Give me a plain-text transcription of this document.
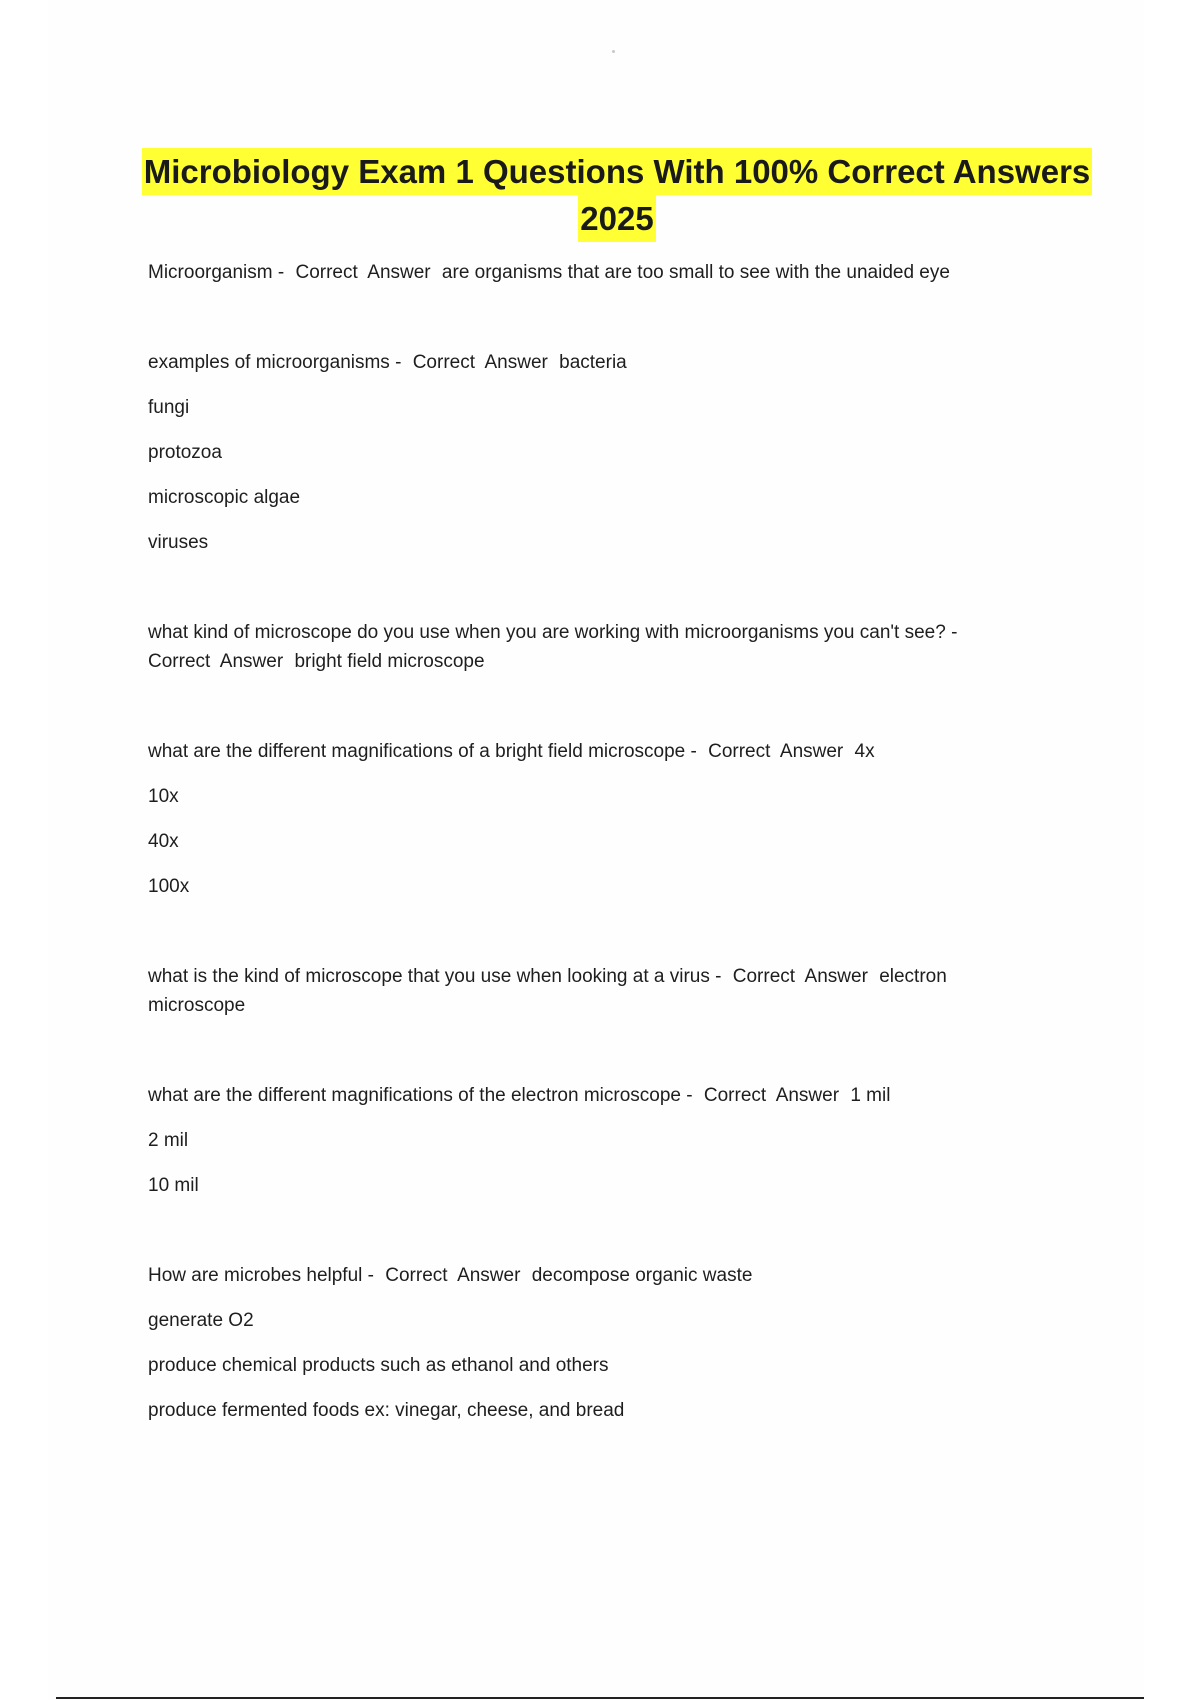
Microbiology Exam 1 Questions With 100% Correct Answers
2025

Microorganism - Correct  Answer are organisms that are too small to see with the unaided eye

examples of microorganisms - Correct  Answer bacteria

fungi

protozoa

microscopic algae

viruses

what kind of microscope do you use when you are working with microorganisms you can't see? -
Correct  Answer bright field microscope

what are the different magnifications of a bright field microscope - Correct  Answer 4x

10x

40x

100x

what is the kind of microscope that you use when looking at a virus - Correct  Answer electron microscope

what are the different magnifications of the electron microscope - Correct  Answer 1 mil

2 mil

10 mil

How are microbes helpful - Correct  Answer decompose organic waste

generate O2

produce chemical products such as ethanol and others

produce fermented foods ex: vinegar, cheese, and bread
